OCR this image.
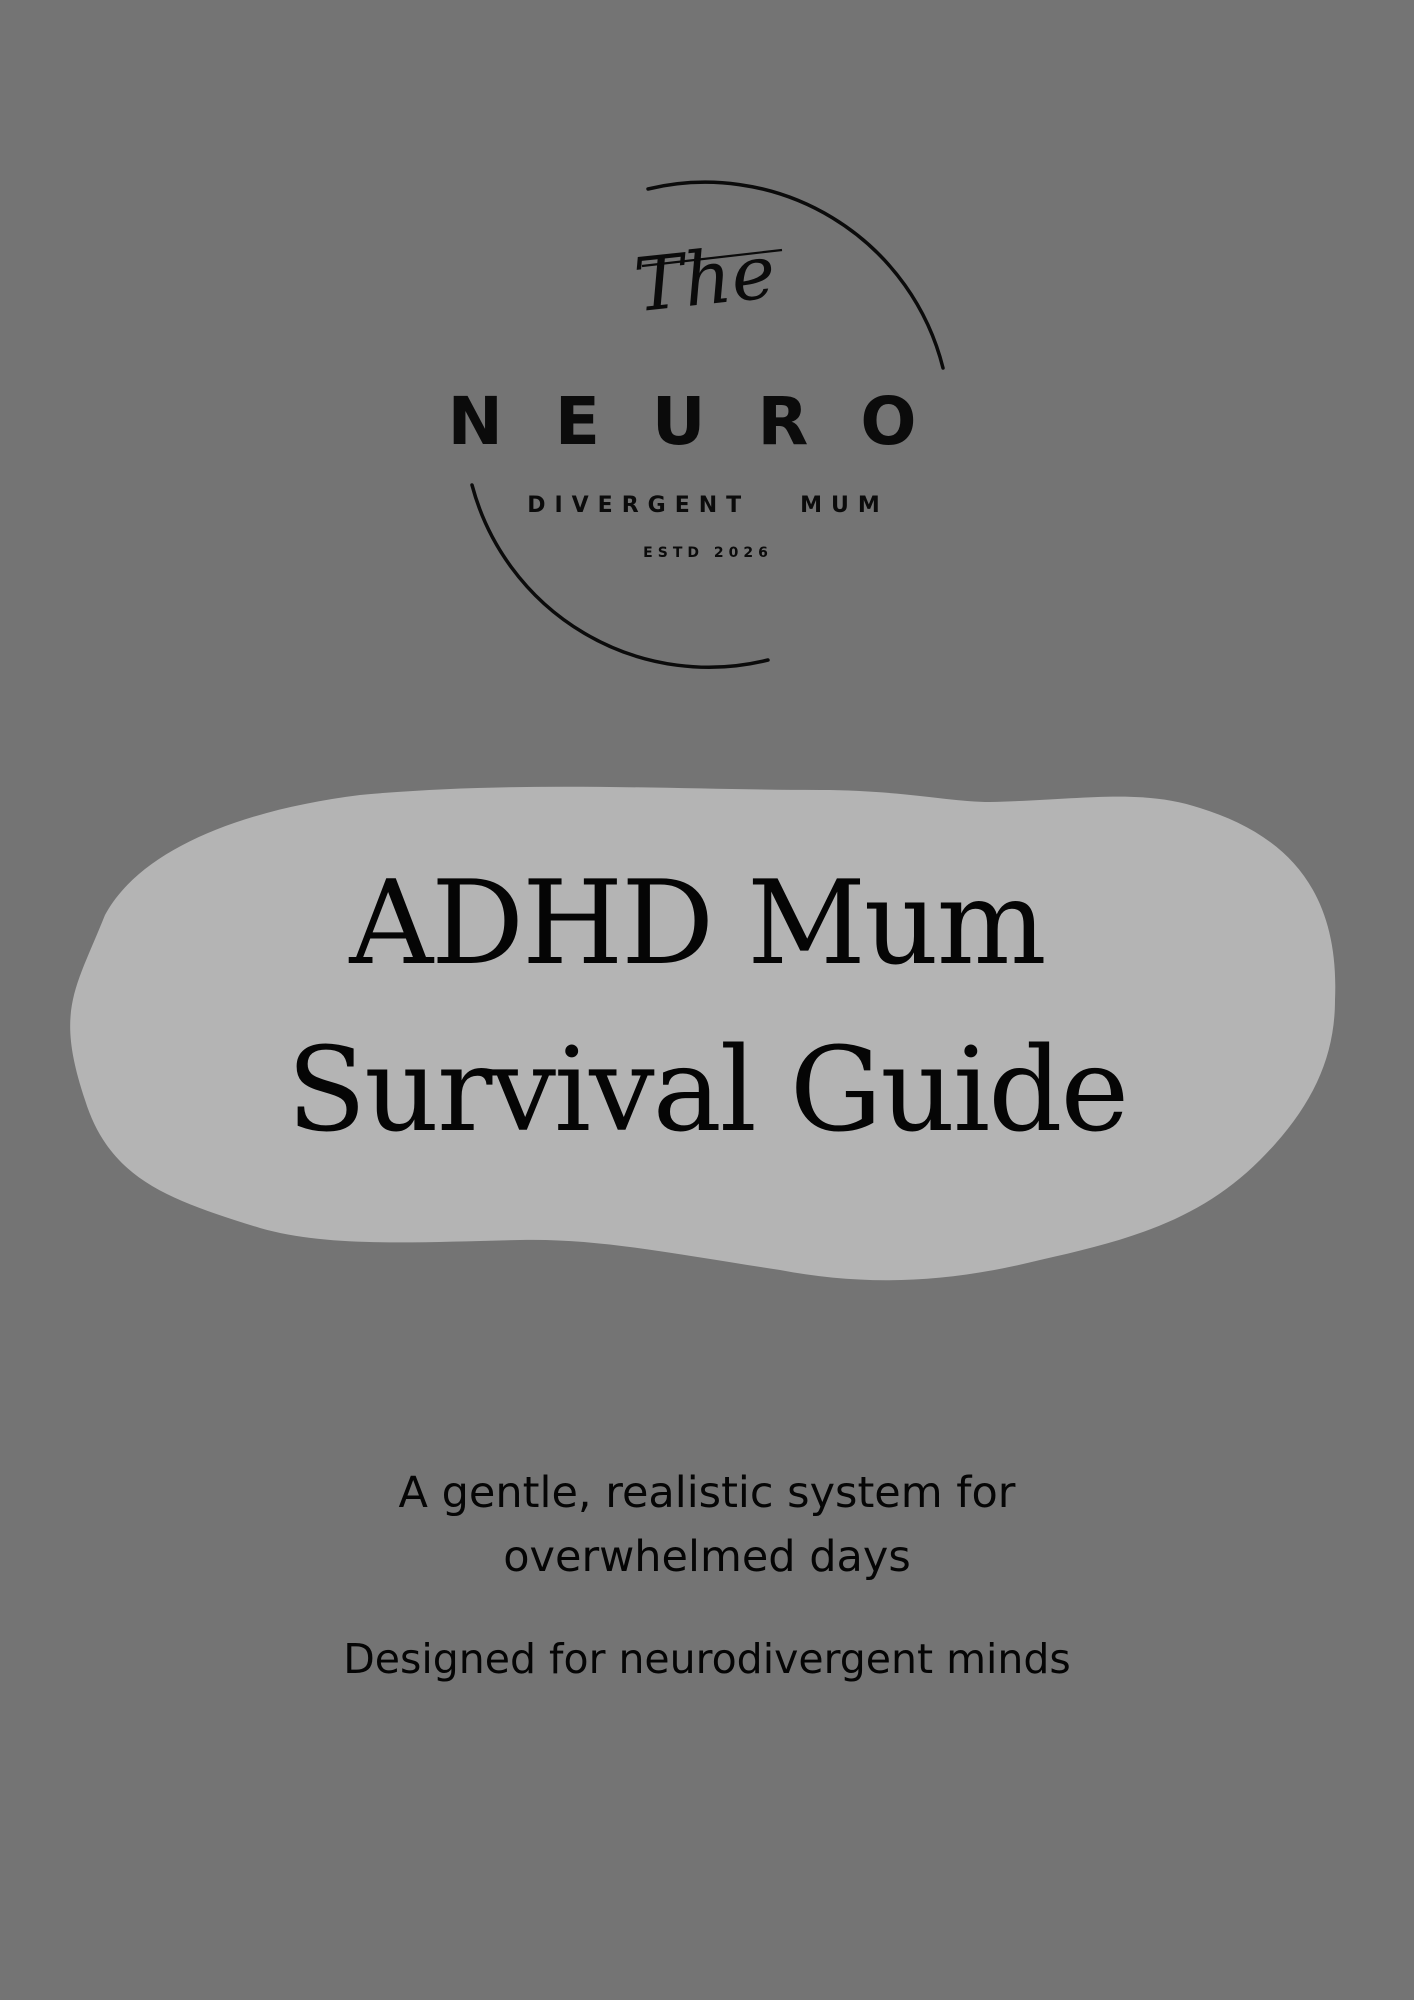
The
NEURO
DIVERGENT   MUM
ESTD 2026
ADHD Mum
Survival Guide
A gentle, realistic system for
overwhelmed days
Designed for neurodivergent minds
